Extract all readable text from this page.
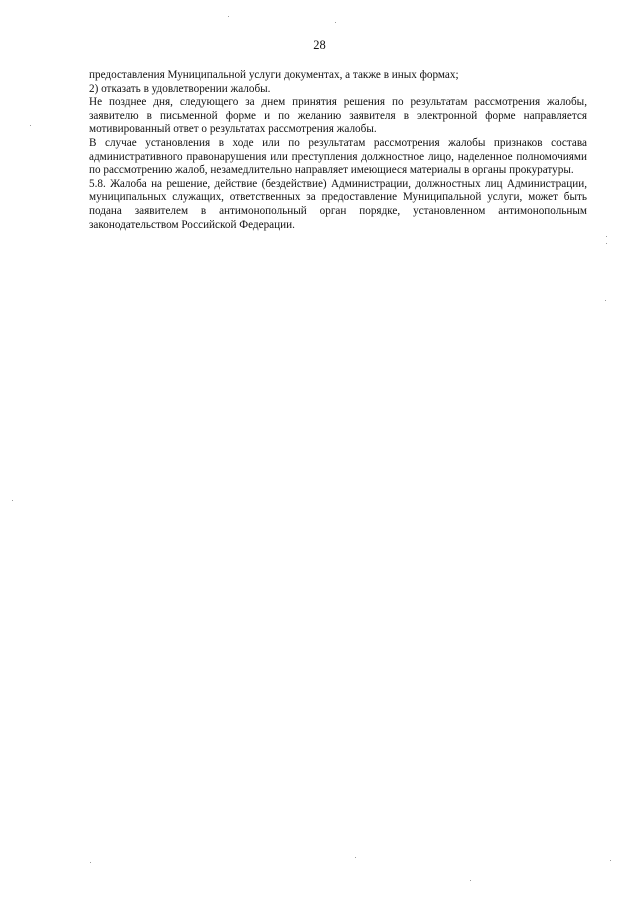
28

предоставления Муниципальной услуги документах, а также в иных формах;

2) отказать в удовлетворении жалобы.

Не позднее дня, следующего за днем принятия решения по результатам рассмотрения жалобы, заявителю в письменной форме и по желанию заявителя в электронной форме направляется мотивированный ответ о результатах рассмотрения жалобы.

В случае установления в ходе или по результатам рассмотрения жалобы признаков состава административного правонарушения или преступления должностное лицо, наделенное полномочиями по рассмотрению жалоб, незамедлительно направляет имеющиеся материалы в органы прокуратуры.

5.8. Жалоба на решение, действие (бездействие) Администрации, должностных лиц Администрации, муниципальных служащих, ответственных за предоставление Муниципальной услуги, может быть подана заявителем в антимонопольный орган порядке, установленном антимонопольным законодательством Российской Федерации.
